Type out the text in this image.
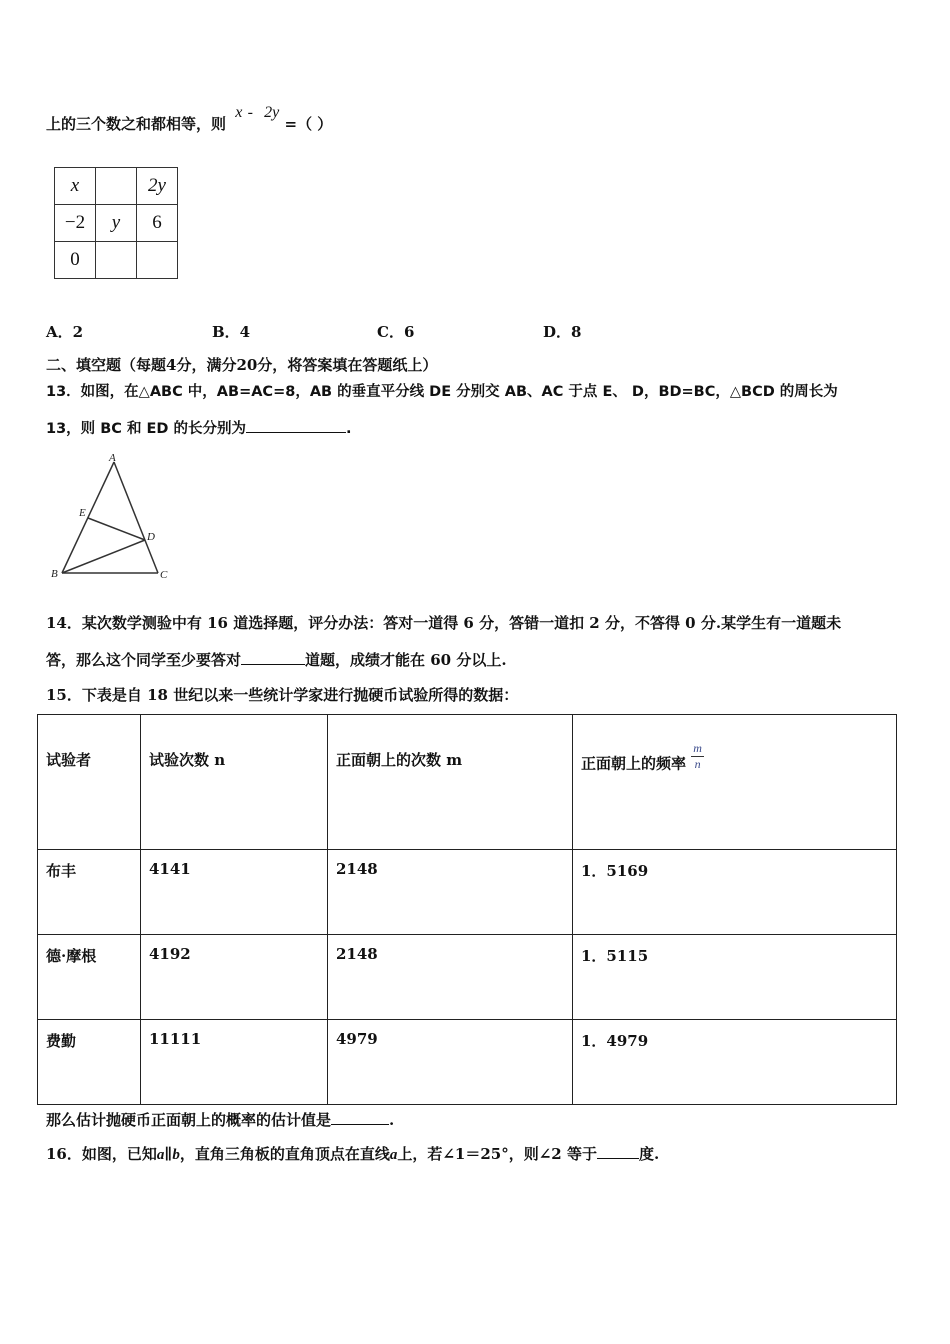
上的三个数之和都相等，则 x - 2y =（ ）
x		2y
−2	y	6
0		
A．2	B．4	C．6	D．8
二、填空题（每题4分，满分20分，将答案填在答题纸上）
13．如图，在△ABC 中，AB=AC=8，AB 的垂直平分线 DE 分别交 AB、AC 于点 E、 D，BD=BC，△BCD 的周长为
13，则 BC 和 ED 的长分别为	.
A
E
D
B	C
14．某次数学测验中有 16 道选择题，评分办法：答对一道得 6 分，答错一道扣 2 分，不答得 0 分.某学生有一道题未
答，那么这个同学至少要答对	道题，成绩才能在 60 分以上.
15．下表是自 18 世纪以来一些统计学家进行抛硬币试验所得的数据：
试验者	试验次数 n	正面朝上的次数 m	正面朝上的频率 $\frac{m}{n}$

布丰	4141	2148	1．5169
德·摩根	4192	2148	1．5115
费勤	11111	4979	1．4979
那么估计抛硬币正面朝上的概率的估计值是	.
16．如图，已知a∥b，直角三角板的直角顶点在直线a上，若∠1＝25°，则∠2 等于	度.
